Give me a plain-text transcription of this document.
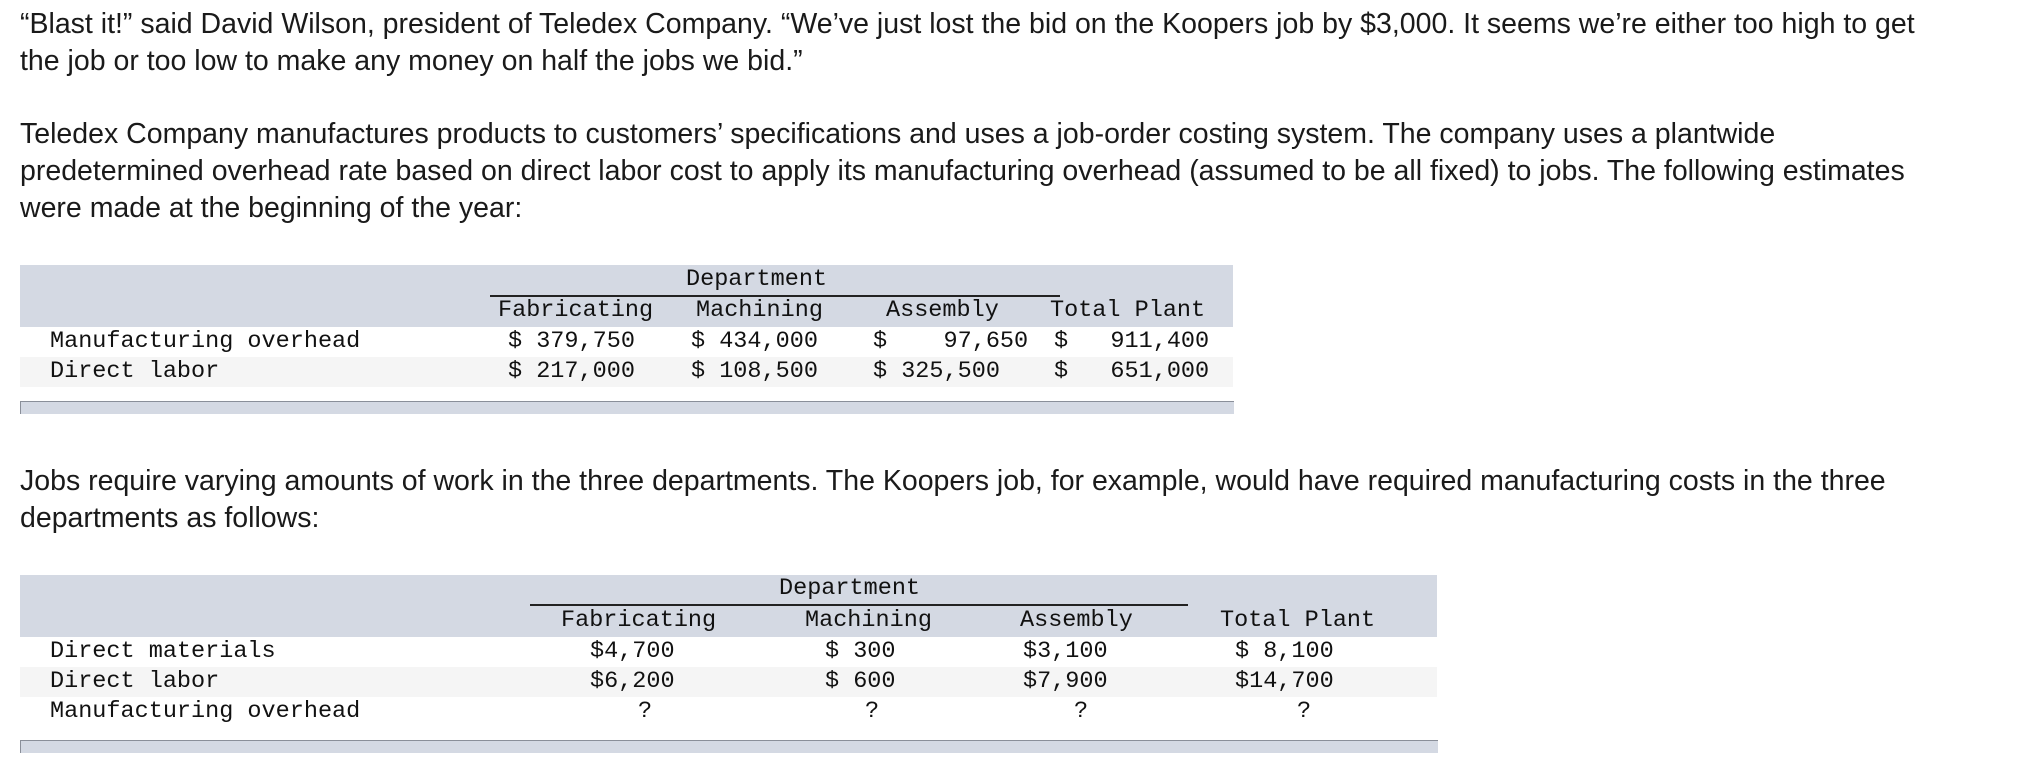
“Blast it!” said David Wilson, president of Teledex Company. “We’ve just lost the bid on the Koopers job by $3,000. It seems we’re either too high to get the job or too low to make any money on half the jobs we bid.”

Teledex Company manufactures products to customers’ specifications and uses a job-order costing system. The company uses a plantwide predetermined overhead rate based on direct labor cost to apply its manufacturing overhead (assumed to be all fixed) to jobs. The following estimates were made at the beginning of the year:

Department
Fabricating Machining	Assembly Total Plant
Manufacturing overhead	$ 379,750 $ 434,000 $    97,650 $   911,400
Direct labor	$ 217,000 $ 108,500 $ 325,500 $   651,000

Jobs require varying amounts of work in the three departments. The Koopers job, for example, would have required manufacturing costs in the three departments as follows:

Department
Fabricating	Machining	Assembly	Total Plant
Direct materials	$4,700	$ 300	$3,100	$ 8,100
Direct labor	$6,200	$ 600	$7,900	$14,700
Manufacturing overhead	?	?	?	?
